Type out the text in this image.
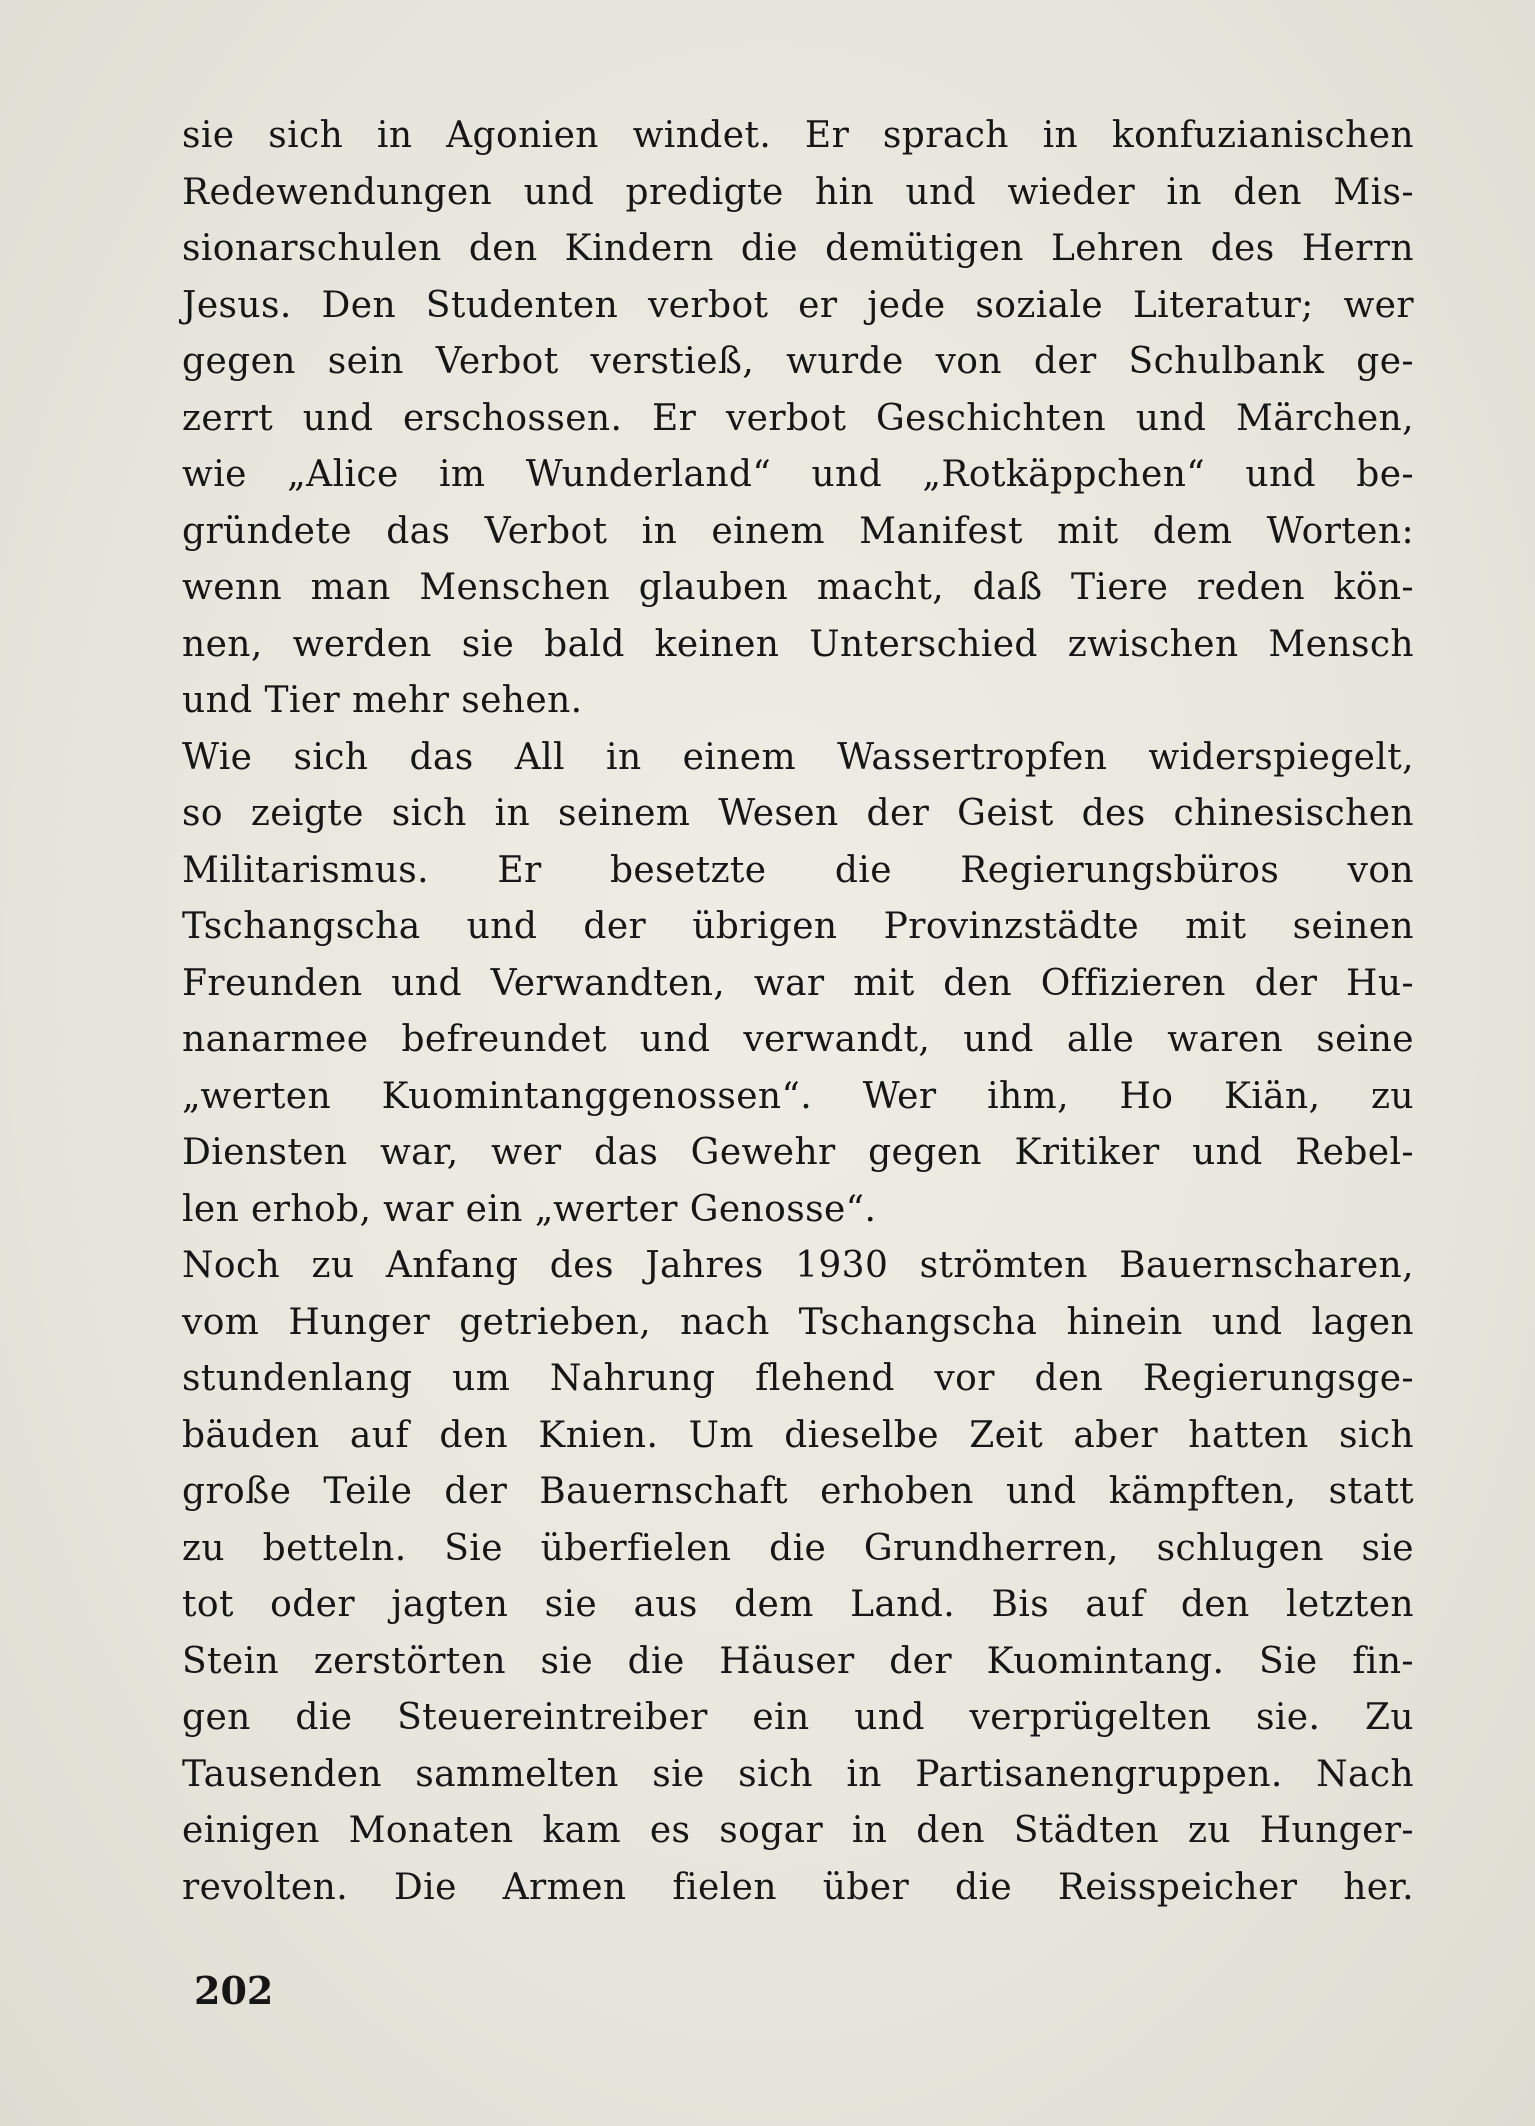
sie sich in Agonien windet. Er sprach in konfuzianischen
Redewendungen und predigte hin und wieder in den Mis-
sionarschulen den Kindern die demütigen Lehren des Herrn
Jesus. Den Studenten verbot er jede soziale Literatur; wer
gegen sein Verbot verstieß, wurde von der Schulbank ge-
zerrt und erschossen. Er verbot Geschichten und Märchen,
wie „Alice im Wunderland“ und „Rotkäppchen“ und be-
gründete das Verbot in einem Manifest mit dem Worten:
wenn man Menschen glauben macht, daß Tiere reden kön-
nen, werden sie bald keinen Unterschied zwischen Mensch
und Tier mehr sehen.
Wie sich das All in einem Wassertropfen widerspiegelt,
so zeigte sich in seinem Wesen der Geist des chinesischen
Militarismus. Er besetzte die Regierungsbüros von
Tschangscha und der übrigen Provinzstädte mit seinen
Freunden und Verwandten, war mit den Offizieren der Hu-
nanarmee befreundet und verwandt, und alle waren seine
„werten Kuomintanggenossen“. Wer ihm, Ho Kiän, zu
Diensten war, wer das Gewehr gegen Kritiker und Rebel-
len erhob, war ein „werter Genosse“.
Noch zu Anfang des Jahres 1930 strömten Bauernscharen,
vom Hunger getrieben, nach Tschangscha hinein und lagen
stundenlang um Nahrung flehend vor den Regierungsge-
bäuden auf den Knien. Um dieselbe Zeit aber hatten sich
große Teile der Bauernschaft erhoben und kämpften, statt
zu betteln. Sie überfielen die Grundherren, schlugen sie
tot oder jagten sie aus dem Land. Bis auf den letzten
Stein zerstörten sie die Häuser der Kuomintang. Sie fin-
gen die Steuereintreiber ein und verprügelten sie. Zu
Tausenden sammelten sie sich in Partisanengruppen. Nach
einigen Monaten kam es sogar in den Städten zu Hunger-
revolten. Die Armen fielen über die Reisspeicher her.
202
